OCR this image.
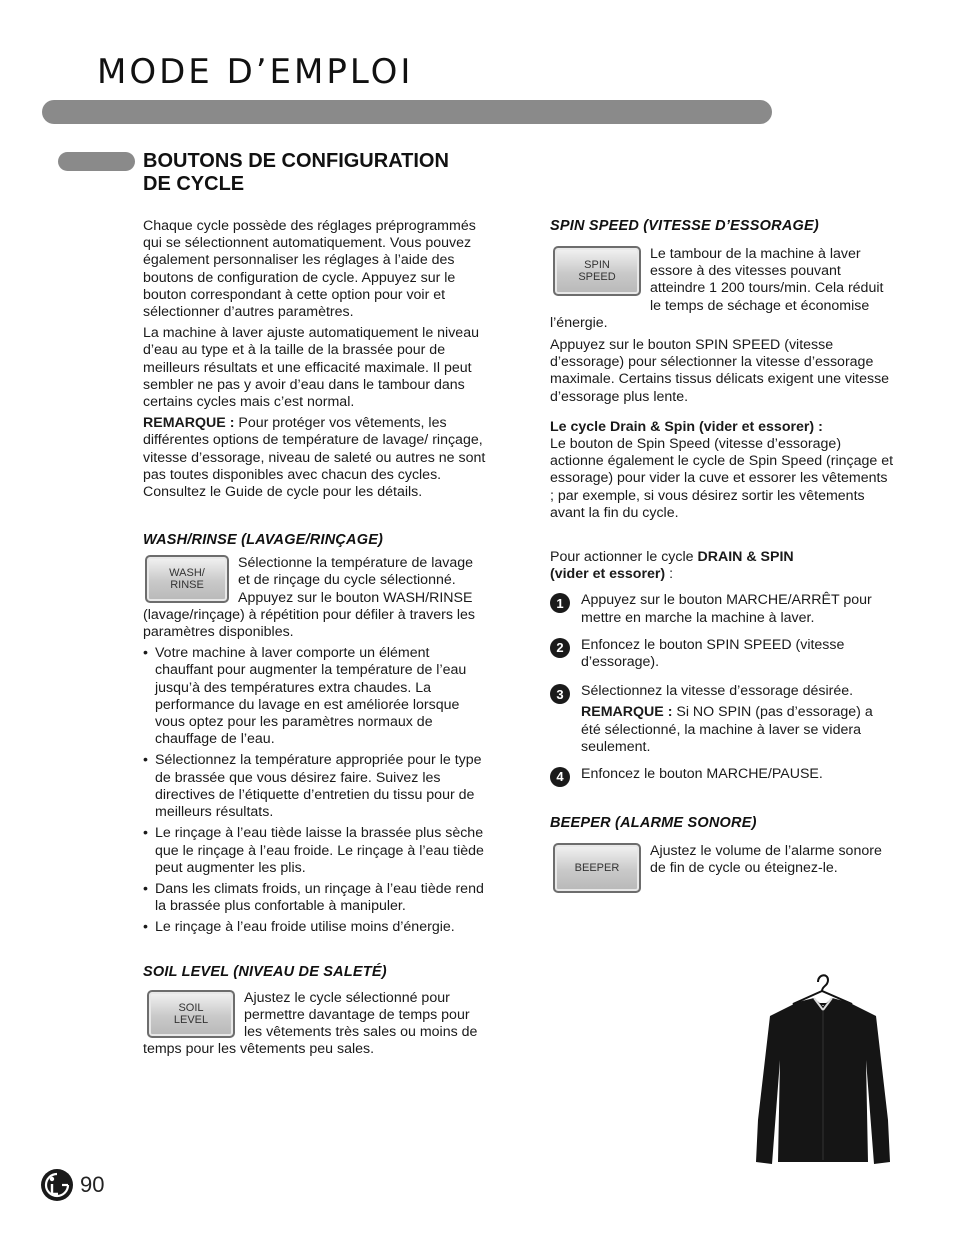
MODE D’EMPLOI
BOUTONS DE CONFIGURATION
DE CYCLE

Chaque cycle possède des réglages préprogrammés qui se sélectionnent automatiquement. Vous pouvez également personnaliser les réglages à l’aide des boutons de configuration de cycle. Appuyez sur le bouton correspondant à cette option pour voir et sélectionner d’autres paramètres.

La machine à laver ajuste automatiquement le niveau d’eau au type et à la taille de la brassée pour de meilleurs résultats et une efficacité maximale. Il peut sembler ne pas y avoir d’eau dans le tambour dans certains cycles mais c’est normal.

REMARQUE : Pour protéger vos vêtements, les différentes options de température de lavage/ rinçage, vitesse d’essorage, niveau de saleté ou autres ne sont pas toutes disponibles avec chacun des cycles. Consultez le Guide de cycle pour les détails.

WASH/RINSE (LAVAGE/RINÇAGE)

WASH/
RINSE

Sélectionne la température de lavage et de rinçage du cycle sélectionné. Appuyez sur le bouton WASH/RINSE (lavage/rinçage) à répétition pour défiler à travers les paramètres disponibles.

• Votre machine à laver comporte un élément chauffant pour augmenter la température de l’eau jusqu’à des températures extra chaudes. La performance du lavage en est améliorée lorsque vous optez pour les paramètres normaux de chauffage de l’eau.
• Sélectionnez la température appropriée pour le type de brassée que vous désirez faire. Suivez les directives de l’étiquette d’entretien du tissu pour de meilleurs résultats.
• Le rinçage à l’eau tiède laisse la brassée plus sèche que le rinçage à l’eau froide. Le rinçage à l’eau tiède peut augmenter les plis.
• Dans les climats froids, un rinçage à l’eau tiède rend la brassée plus confortable à manipuler.
• Le rinçage à l’eau froide utilise moins d’énergie.

SOIL LEVEL (NIVEAU DE SALETÉ)

SOIL
LEVEL

Ajustez le cycle sélectionné pour permettre davantage de temps pour les vêtements très sales ou moins de temps pour les vêtements peu sales.

SPIN SPEED (VITESSE D’ESSORAGE)

SPIN
SPEED

Le tambour de la machine à laver essore à des vitesses pouvant atteindre 1 200 tours/min. Cela réduit le temps de séchage et économise l’énergie.

Appuyez sur le bouton SPIN SPEED (vitesse d’essorage) pour sélectionner la vitesse d’essorage maximale. Certains tissus délicats exigent une vitesse d’essorage plus lente.

Le cycle Drain & Spin (vider et essorer) :
Le bouton de Spin Speed (vitesse d’essorage) actionne également le cycle de Spin Speed (rinçage et essorage) pour vider la cuve et essorer les vêtements ; par exemple, si vous désirez sortir les vêtements avant la fin du cycle.

Pour actionner le cycle DRAIN & SPIN (vider et essorer) :

1	Appuyez sur le bouton MARCHE/ARRÊT pour mettre en marche la machine à laver.
2	Enfoncez le bouton SPIN SPEED (vitesse d’essorage).
3	Sélectionnez la vitesse d’essorage désirée.
REMARQUE : Si NO SPIN (pas d’essorage) a été sélectionné, la machine à laver se videra seulement.
4	Enfoncez le bouton MARCHE/PAUSE.

BEEPER (ALARME SONORE)

BEEPER

Ajustez le volume de l’alarme sonore de fin de cycle ou éteignez-le.

90
